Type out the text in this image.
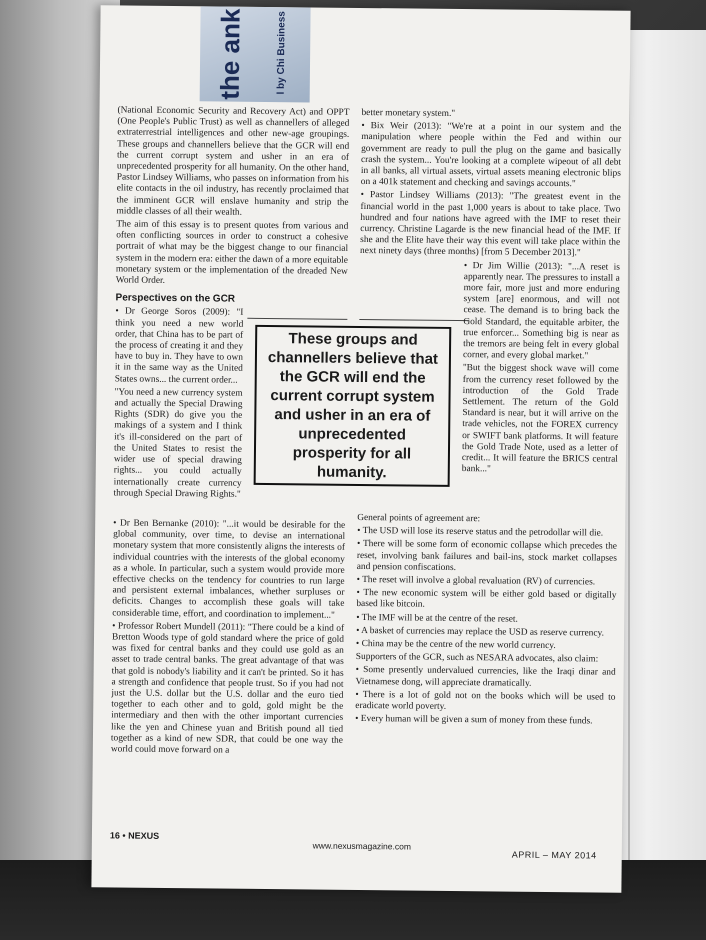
the ank	l by Chi Business

(National Economic Security and Recovery Act) and OPPT (One People's Public Trust) as well as channellers of alleged extraterrestrial intelligences and other new-age groupings. These groups and channellers believe that the GCR will end the current corrupt system and usher in an era of unprecedented prosperity for all humanity. On the other hand, Pastor Lindsey Williams, who passes on information from his elite contacts in the oil industry, has recently proclaimed that the imminent GCR will enslave humanity and strip the middle classes of all their wealth.

The aim of this essay is to present quotes from various and often conflicting sources in order to construct a cohesive portrait of what may be the biggest change to our financial system in the modern era: either the dawn of a more equitable monetary system or the implementation of the dreaded New World Order.

Perspectives on the GCR

• Dr George Soros (2009): "I think you need a new world order, that China has to be part of the process of creating it and they have to buy in. They have to own it in the same way as the United States owns... the current order...

"You need a new currency system and actually the Special Drawing Rights (SDR) do give you the makings of a system and I think it's ill-considered on the part of the United States to resist the wider use of special drawing rights... you could actually internationally create currency through Special Drawing Rights."

These groups and channellers believe that the GCR will end the current corrupt system and usher in an era of unprecedented prosperity for all humanity.

• Dr Ben Bernanke (2010): "...it would be desirable for the global community, over time, to devise an international monetary system that more consistently aligns the interests of individual countries with the interests of the global economy as a whole. In particular, such a system would provide more effective checks on the tendency for countries to run large and persistent external imbalances, whether surpluses or deficits. Changes to accomplish these goals will take considerable time, effort, and coordination to implement..."

• Professor Robert Mundell (2011): "There could be a kind of Bretton Woods type of gold standard where the price of gold was fixed for central banks and they could use gold as an asset to trade central banks. The great advantage of that was that gold is nobody's liability and it can't be printed. So it has a strength and confidence that people trust. So if you had not just the U.S. dollar but the U.S. dollar and the euro tied together to each other and to gold, gold might be the intermediary and then with the other important currencies like the yen and Chinese yuan and British pound all tied together as a kind of new SDR, that could be one way the world could move forward on a

better monetary system."

• Bix Weir (2013): "We're at a point in our system and the manipulation where people within the Fed and within our government are ready to pull the plug on the game and basically crash the system... You're looking at a complete wipeout of all debt in all banks, all virtual assets, virtual assets meaning electronic blips on a 401k statement and checking and savings accounts."

• Pastor Lindsey Williams (2013): "The greatest event in the financial world in the past 1,000 years is about to take place. Two hundred and four nations have agreed with the IMF to reset their currency. Christine Lagarde is the new financial head of the IMF. If she and the Elite have their way this event will take place within the next ninety days (three months) [from 5 December 2013]."

• Dr Jim Willie (2013): "...A reset is apparently near. The pressures to install a more fair, more just and more enduring system [are] enormous, and will not cease. The demand is to bring back the Gold Standard, the equitable arbiter, the true enforcer... Something big is near as the tremors are being felt in every global corner, and every global market."

"But the biggest shock wave will come from the currency reset followed by the introduction of the Gold Trade Settlement. The return of the Gold Standard is near, but it will arrive on the trade vehicles, not the FOREX currency or SWIFT bank platforms. It will feature the Gold Trade Note, used as a letter of credit... It will feature the BRICS central bank..."

General points of agreement are:

• The USD will lose its reserve status and the petrodollar will die.

• There will be some form of economic collapse which precedes the reset, involving bank failures and bail-ins, stock market collapses and pension confiscations.

• The reset will involve a global revaluation (RV) of currencies.

• The new economic system will be either gold based or digitally based like bitcoin.

• The IMF will be at the centre of the reset.

• A basket of currencies may replace the USD as reserve currency.

• China may be the centre of the new world currency.

Supporters of the GCR, such as NESARA advocates, also claim:

• Some presently undervalued currencies, like the Iraqi dinar and Vietnamese dong, will appreciate dramatically.

• There is a lot of gold not on the books which will be used to eradicate world poverty.

• Every human will be given a sum of money from these funds.

16 • NEXUS
www.nexusmagazine.com
APRIL – MAY 2014
